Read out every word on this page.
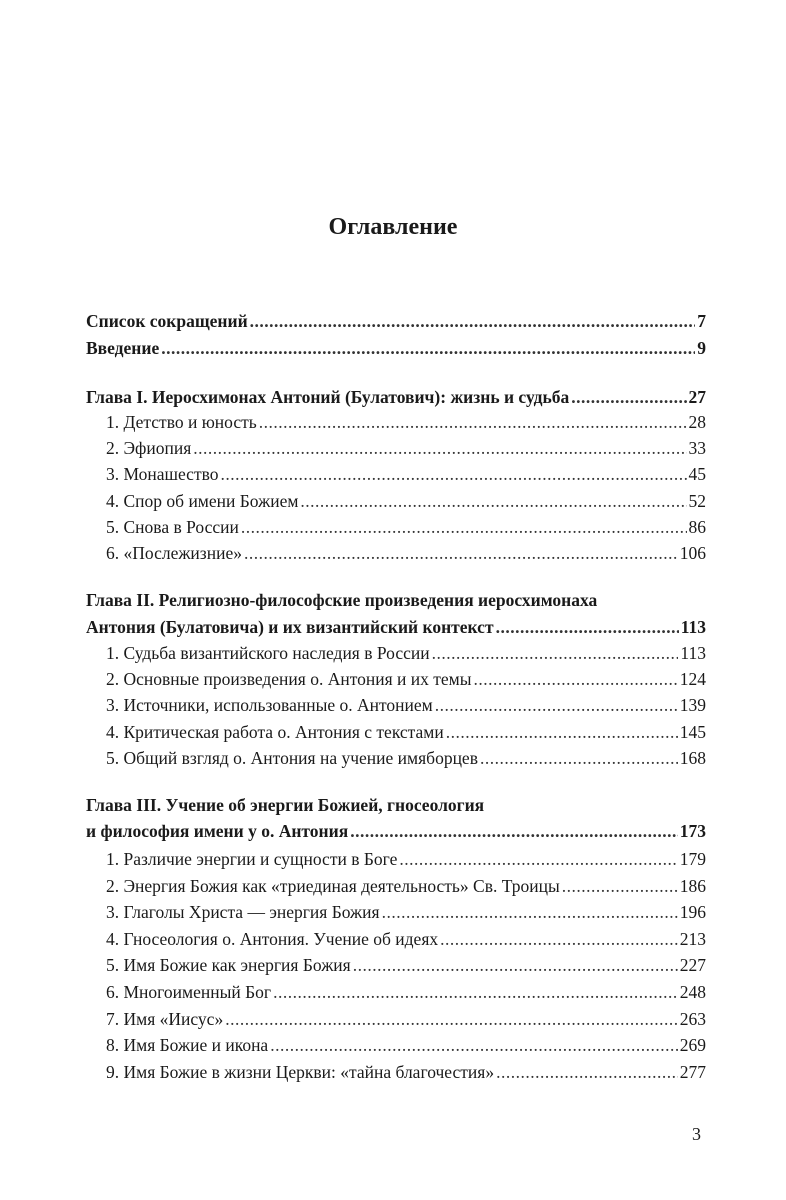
Оглавление
Список сокращений .....	7
Введение .....	9
Глава I. Иеросхимонах Антоний (Булатович): жизнь и судьба .....	27
1. Детство и юность .....	28
2. Эфиопия .....	33
3. Монашество .....	45
4. Спор об имени Божием .....	52
5. Снова в России .....	86
6. «Послежизние» .....	106
Глава II. Религиозно-философские произведения иеросхимонаха
Антония (Булатовича) и их византийский контекст .....	113
1. Судьба византийского наследия в России .....	113
2. Основные произведения о. Антония и их темы .....	124
3. Источники, использованные о. Антонием .....	139
4. Критическая работа о. Антония с текстами .....	145
5. Общий взгляд о. Антония на учение имяборцев .....	168
Глава III. Учение об энергии Божией, гносеология
и философия имени у о. Антония .....	173
1. Различие энергии и сущности в Боге .....	179
2. Энергия Божия как «триединая деятельность» Св. Троицы .....	186
3. Глаголы Христа — энергия Божия .....	196
4. Гносеология о. Антония. Учение об идеях .....	213
5. Имя Божие как энергия Божия .....	227
6. Многоименный Бог .....	248
7. Имя «Иисус» .....	263
8. Имя Божие и икона .....	269
9. Имя Божие в жизни Церкви: «тайна благочестия» .....	277
3
